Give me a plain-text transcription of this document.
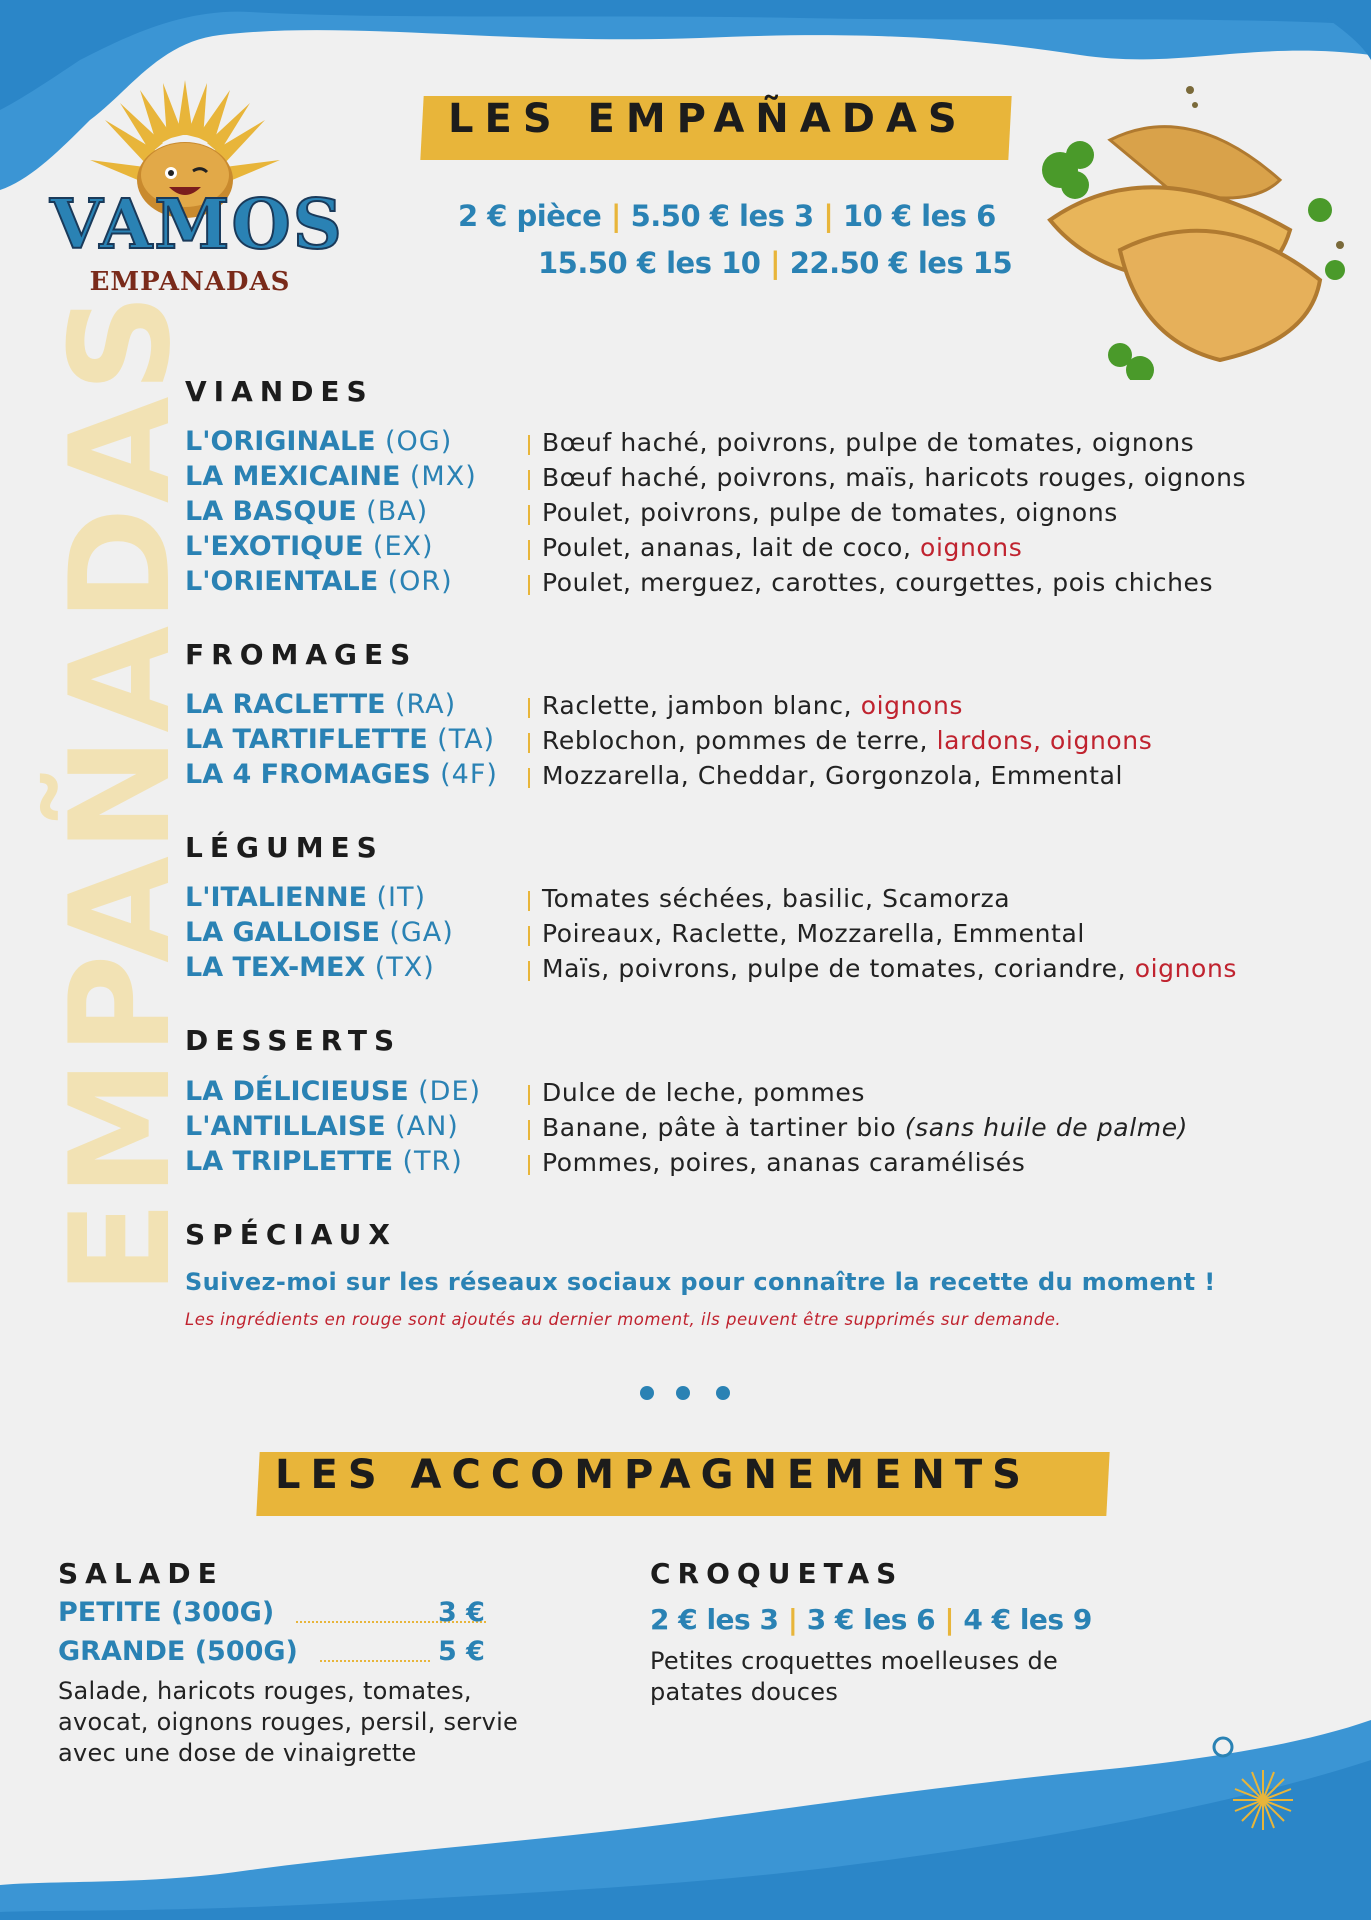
EMPAÑADAS
VAMOS
EMPANADAS
LES EMPAÑADAS
2 € pièce | 5.50 € les 3 | 10 € les 6
15.50 € les 10 | 22.50 € les 15
VIANDES
L'ORIGINALE (OG)	Bœuf haché, poivrons, pulpe de tomates, oignons
LA MEXICAINE (MX)	Bœuf haché, poivrons, maïs, haricots rouges, oignons
LA BASQUE (BA)	Poulet, poivrons, pulpe de tomates, oignons
L'EXOTIQUE (EX)	Poulet, ananas, lait de coco, oignons
L'ORIENTALE (OR)	Poulet, merguez, carottes, courgettes, pois chiches
FROMAGES
LA RACLETTE (RA)	Raclette, jambon blanc, oignons
LA TARTIFLETTE (TA) Reblochon, pommes de terre, lardons, oignons
LA 4 FROMAGES (4F) Mozzarella, Cheddar, Gorgonzola, Emmental
LÉGUMES
L'ITALIENNE (IT)	Tomates séchées, basilic, Scamorza
LA GALLOISE (GA)	Poireaux, Raclette, Mozzarella, Emmental
LA TEX-MEX (TX)	Maïs, poivrons, pulpe de tomates, coriandre, oignons
DESSERTS
LA DÉLICIEUSE (DE) Dulce de leche, pommes
L'ANTILLAISE (AN)	Banane, pâte à tartiner bio (sans huile de palme)
LA TRIPLETTE (TR)	Pommes, poires, ananas caramélisés
SPÉCIAUX
Suivez-moi sur les réseaux sociaux pour connaître la recette du moment !
Les ingrédients en rouge sont ajoutés au dernier moment, ils peuvent être supprimés sur demande.
LES ACCOMPAGNEMENTS
SALADE
PETITE (300G)	3 €
GRANDE (500G)	5 €
Salade, haricots rouges, tomates,
avocat, oignons rouges, persil, servie
avec une dose de vinaigrette
CROQUETAS
2 € les 3 | 3 € les 6 | 4 € les 9
Petites croquettes moelleuses de
patates douces
